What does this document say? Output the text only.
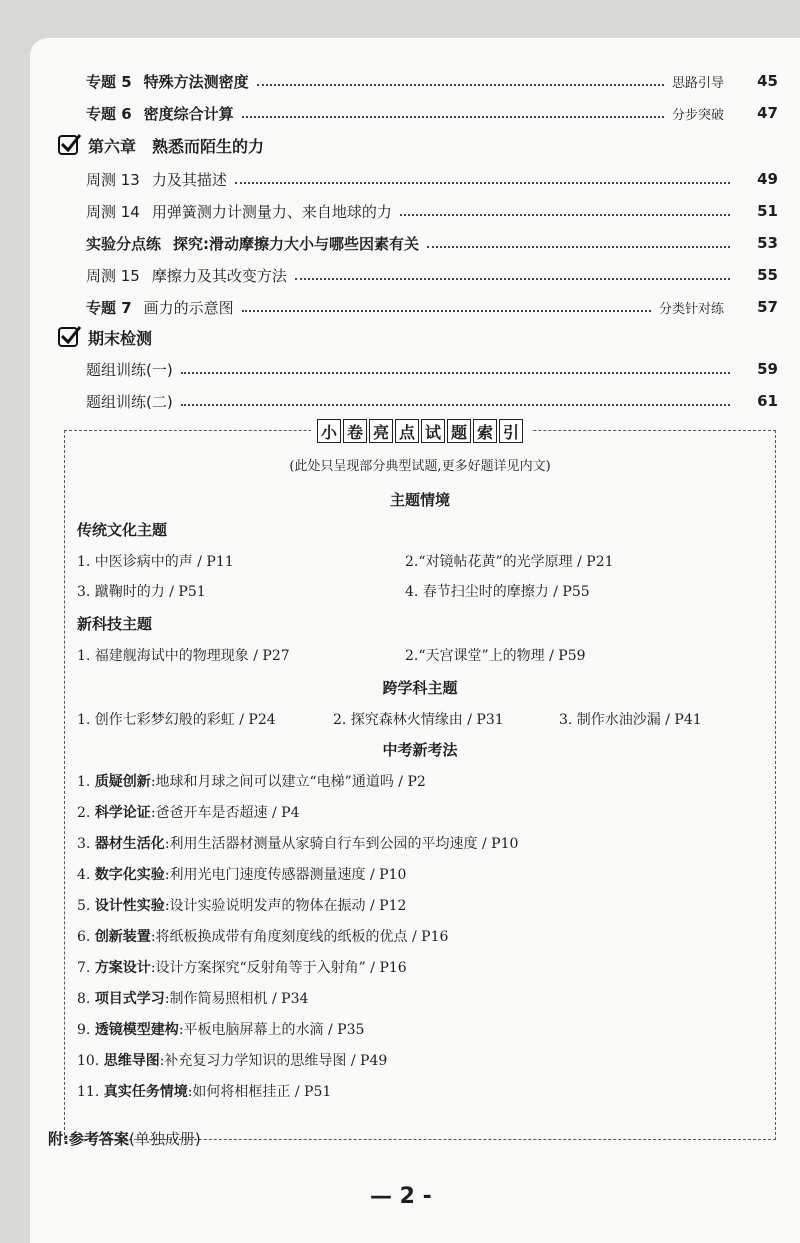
专题 5 特殊方法测密度	思路引导	45
专题 6 密度综合计算	分步突破	47
第六章 熟悉而陌生的力
周测 13 力及其描述	49
周测 14 用弹簧测力计测量力、来自地球的力	51
实验分点练 探究:滑动摩擦力大小与哪些因素有关	53
周测 15 摩擦力及其改变方法	55
专题 7 画力的示意图	分类针对练	57
期末检测
题组训练(一)	59
题组训练(二)	61
小 卷 亮 点 试 题 索 引
(此处只呈现部分典型试题,更多好题详见内文)
主题情境
传统文化主题
1. 中医诊病中的声 / P11	2.“对镜帖花黄”的光学原理 / P21
3. 蹴鞠时的力 / P51	4. 春节扫尘时的摩擦力 / P55
新科技主题
1. 福建舰海试中的物理现象 / P27	2.“天宫课堂”上的物理 / P59
跨学科主题
1. 创作七彩梦幻般的彩虹 / P24	2. 探究森林火情缘由 / P31	3. 制作水油沙漏 / P41
中考新考法
1. 质疑创新:地球和月球之间可以建立“电梯”通道吗 / P2
2. 科学论证:爸爸开车是否超速 / P4
3. 器材生活化:利用生活器材测量从家骑自行车到公园的平均速度 / P10
4. 数字化实验:利用光电门速度传感器测量速度 / P10
5. 设计性实验:设计实验说明发声的物体在振动 / P12
6. 创新装置:将纸板换成带有角度刻度线的纸板的优点 / P16
7. 方案设计:设计方案探究“反射角等于入射角” / P16
8. 项目式学习:制作简易照相机 / P34
9. 透镜模型建构:平板电脑屏幕上的水滴 / P35
10. 思维导图:补充复习力学知识的思维导图 / P49
11. 真实任务情境:如何将相框挂正 / P51
附:参考答案(单独成册)
— 2 -
